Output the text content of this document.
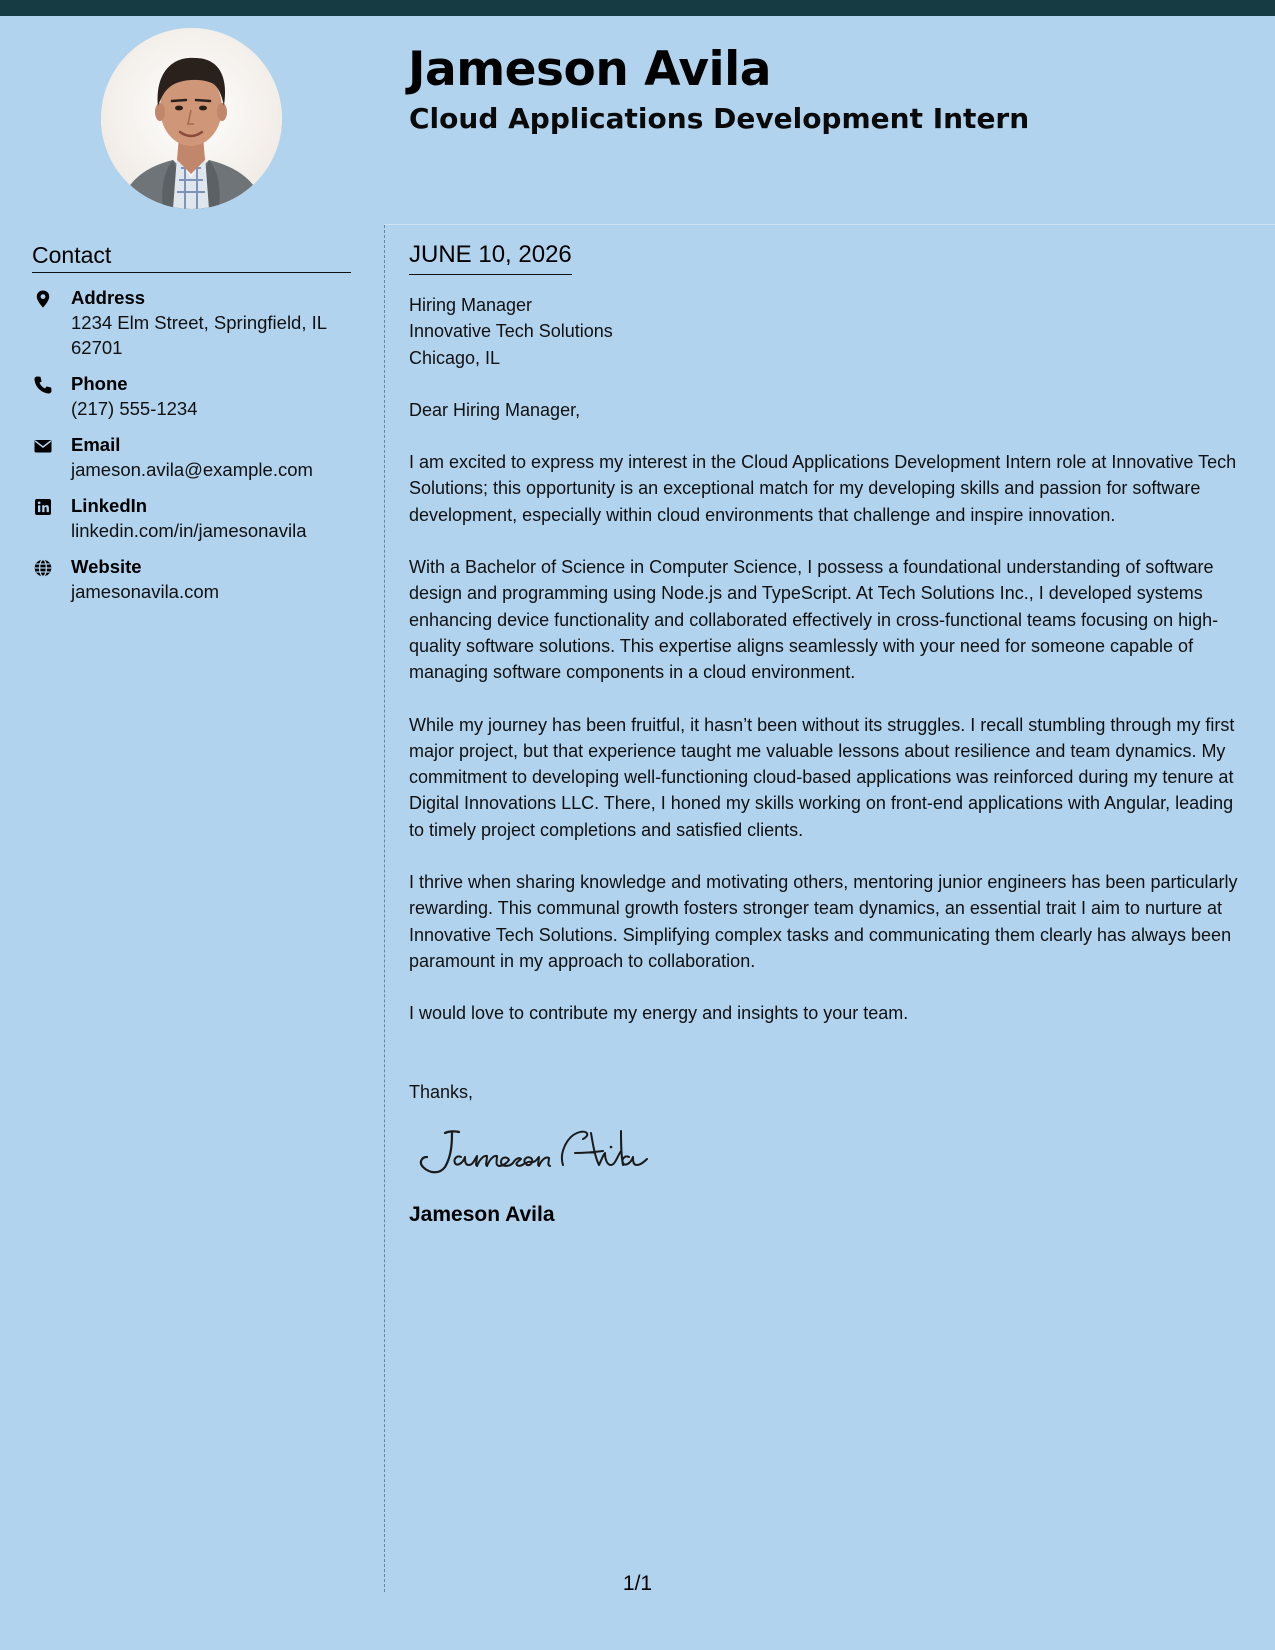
Jameson Avila
Cloud Applications Development Intern
Contact
Address
1234 Elm Street, Springfield, IL 62701
Phone
(217) 555-1234
Email
jameson.avila@example.com
LinkedIn
linkedin.com/in/jamesonavila
Website
jamesonavila.com
JUNE 10, 2026
Hiring Manager
Innovative Tech Solutions
Chicago, IL

Dear Hiring Manager,

I am excited to express my interest in the Cloud Applications Development Intern role at Innovative Tech Solutions; this opportunity is an exceptional match for my developing skills and passion for software development, especially within cloud environments that challenge and inspire innovation.

With a Bachelor of Science in Computer Science, I possess a foundational understanding of software design and programming using Node.js and TypeScript. At Tech Solutions Inc., I developed systems enhancing device functionality and collaborated effectively in cross-functional teams focusing on high-quality software solutions. This expertise aligns seamlessly with your need for someone capable of managing software components in a cloud environment.

While my journey has been fruitful, it hasn’t been without its struggles. I recall stumbling through my first major project, but that experience taught me valuable lessons about resilience and team dynamics. My commitment to developing well-functioning cloud-based applications was reinforced during my tenure at Digital Innovations LLC. There, I honed my skills working on front-end applications with Angular, leading to timely project completions and satisfied clients.

I thrive when sharing knowledge and motivating others, mentoring junior engineers has been particularly rewarding. This communal growth fosters stronger team dynamics, an essential trait I aim to nurture at Innovative Tech Solutions. Simplifying complex tasks and communicating them clearly has always been paramount in my approach to collaboration.

I would love to contribute my energy and insights to your team.

Thanks,

Jameson Avila

1/1
